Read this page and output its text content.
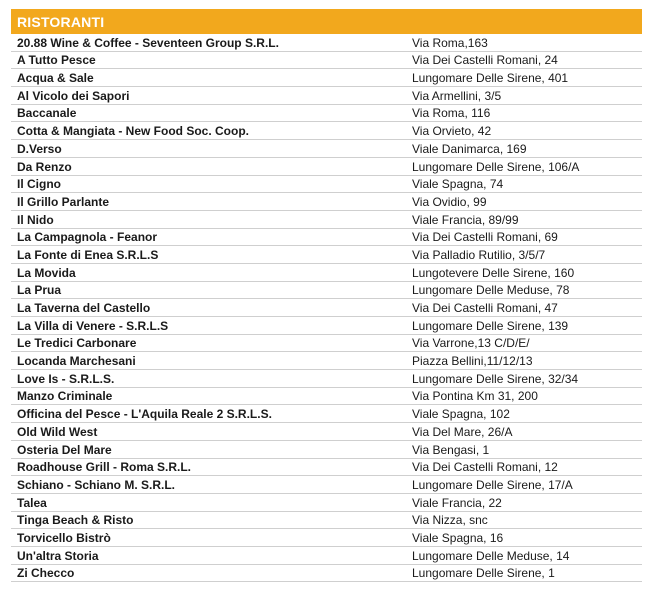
RISTORANTI
20.88 Wine & Coffee - Seventeen Group S.R.L.	Via Roma,163
A Tutto Pesce	Via Dei Castelli Romani, 24
Acqua & Sale	Lungomare Delle Sirene, 401
Al Vicolo dei Sapori	Via Armellini, 3/5
Baccanale	Via Roma, 116
Cotta & Mangiata - New Food Soc. Coop.	Via Orvieto, 42
D.Verso	Viale Danimarca, 169
Da Renzo	Lungomare Delle Sirene, 106/A
Il Cigno	Viale Spagna, 74
Il Grillo Parlante	Via Ovidio, 99
Il Nido	Viale Francia, 89/99
La Campagnola - Feanor	Via Dei Castelli Romani, 69
La Fonte di Enea S.R.L.S	Via Palladio Rutilio, 3/5/7
La Movida	Lungotevere Delle Sirene, 160
La Prua	Lungomare Delle Meduse, 78
La Taverna del Castello	Via Dei Castelli Romani, 47
La Villa di Venere - S.R.L.S	Lungomare Delle Sirene, 139
Le Tredici Carbonare	Via Varrone,13 C/D/E/
Locanda Marchesani	Piazza Bellini,11/12/13
Love Is - S.R.L.S.	Lungomare Delle Sirene, 32/34
Manzo Criminale	Via Pontina Km 31, 200
Officina del Pesce - L'Aquila Reale 2 S.R.L.S.	Viale Spagna, 102
Old Wild West	Via Del Mare, 26/A
Osteria Del Mare	Via Bengasi, 1
Roadhouse Grill - Roma S.R.L.	Via Dei Castelli Romani, 12
Schiano - Schiano M. S.R.L.	Lungomare Delle Sirene, 17/A
Talea	Viale Francia, 22
Tinga Beach & Risto	Via Nizza, snc
Torvicello Bistrò	Viale Spagna, 16
Un'altra Storia	Lungomare Delle Meduse, 14
Zi Checco	Lungomare Delle Sirene, 1
